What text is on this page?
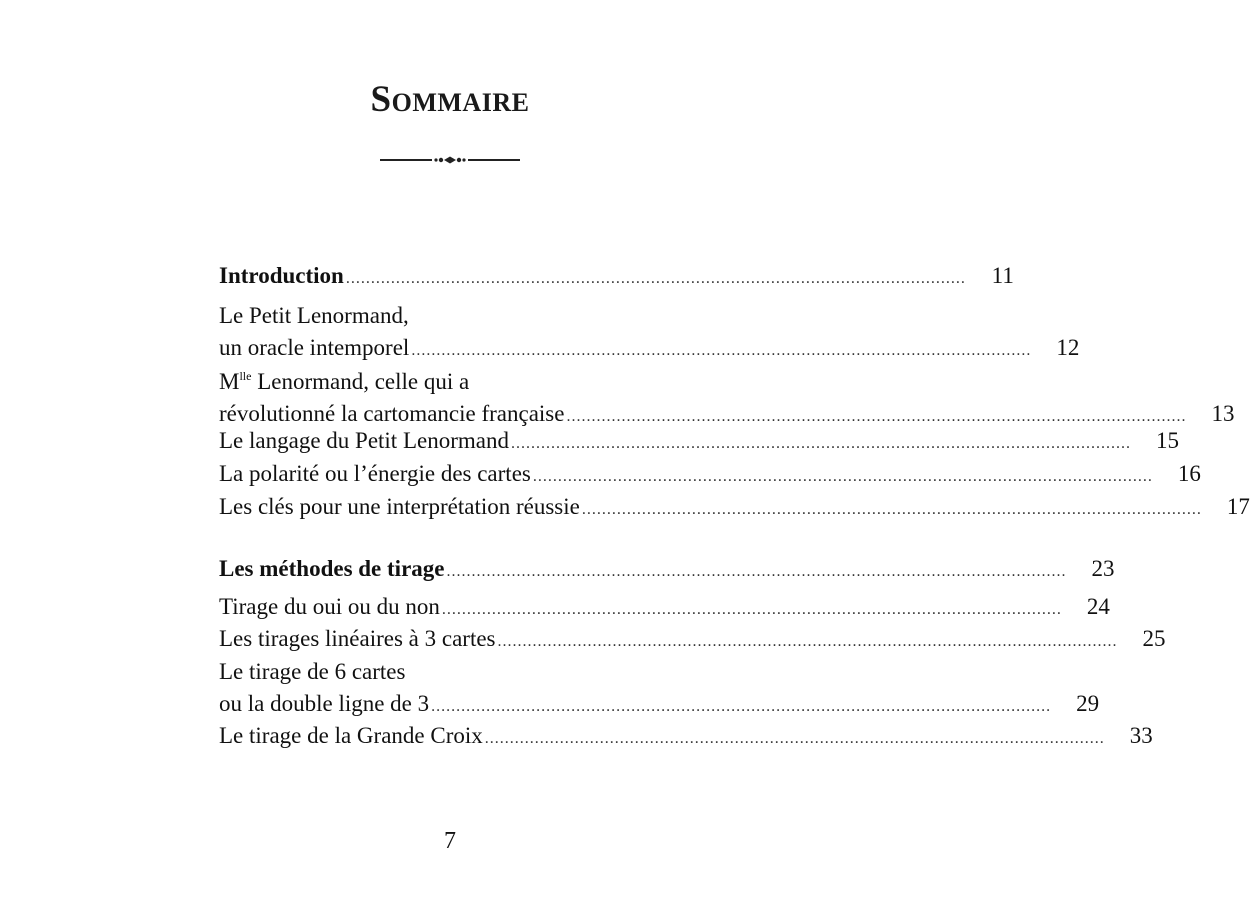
Sommaire
Introduction ............................................................................................................................	11
Le Petit Lenormand,
un oracle intemporel ............................................................................................................................	12
$M^{lle}$ Lenormand, celle qui a
révolutionné la cartomancie française ............................................................................................................................	13
Le langage du Petit Lenormand ............................................................................................................................	15
La polarité ou l’énergie des cartes ............................................................................................................................	16
Les clés pour une interprétation réussie ............................................................................................................................	17
Les méthodes de tirage ............................................................................................................................	23
Tirage du oui ou du non ............................................................................................................................	24
Les tirages linéaires à 3 cartes ............................................................................................................................	25
Le tirage de 6 cartes
ou la double ligne de 3 ............................................................................................................................	29
Le tirage de la Grande Croix ............................................................................................................................	33
7
